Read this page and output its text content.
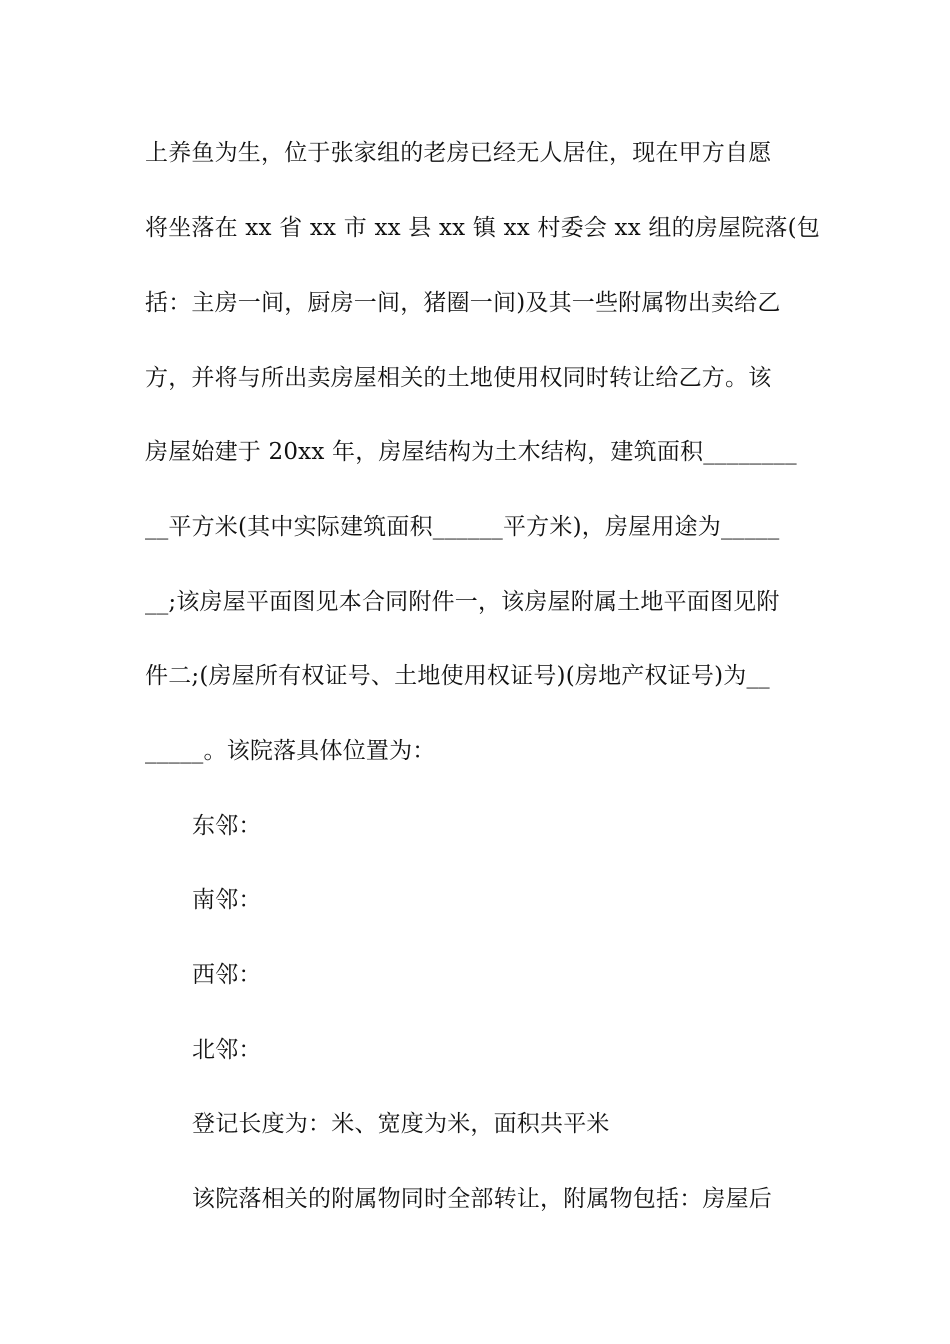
上养鱼为生，位于张家组的老房已经无人居住，现在甲方自愿
将坐落在 xx 省 xx 市 xx 县 xx 镇 xx 村委会 xx 组的房屋院落(包
括：主房一间，厨房一间，猪圈一间)及其一些附属物出卖给乙
方，并将与所出卖房屋相关的土地使用权同时转让给乙方。该
房屋始建于 20xx 年，房屋结构为土木结构，建筑面积________
__平方米(其中实际建筑面积______平方米)，房屋用途为_____
__;该房屋平面图见本合同附件一，该房屋附属土地平面图见附
件二;(房屋所有权证号、土地使用权证号)(房地产权证号)为__
_____。该院落具体位置为：
东邻：
南邻：
西邻：
北邻：
登记长度为：米、宽度为米，面积共平米
该院落相关的附属物同时全部转让，附属物包括：房屋后
